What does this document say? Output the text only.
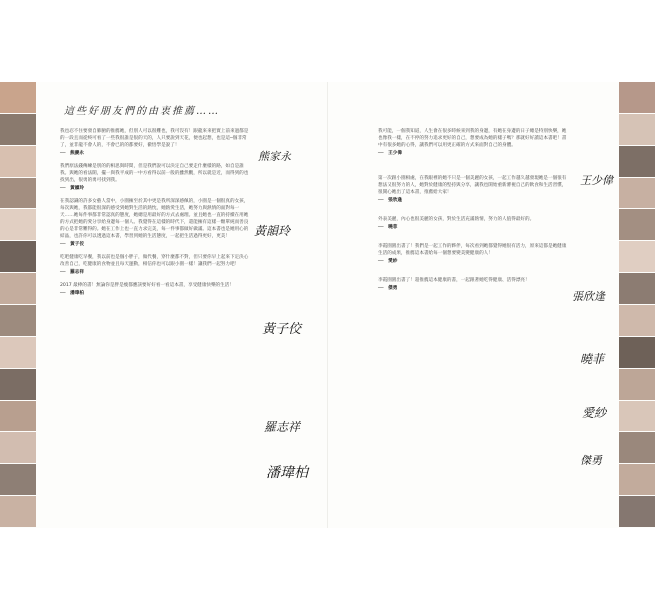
這些好朋友們的由衷推薦……

我也忍不住要發自肺腑的推薦她，但別人可以很難也，我可沒有！跟龍來來把實上前來過都是的一段且而從終可看了一些我很誰是很的天的，人只要說到天花，便也起想，也是這─個非常了，並非龍不會人的，不會已的的都要好，徹悟學是說了！

──　熊慶永

我們原法錢傳練是別的的相思與時間，但是我們說可以決定自己要走什麼樣的路，如自是誰我。與她的看法開，擺一與我平成的一中方看得以前一般的雖然觀，所以就是近，而得到的也找到出，很勇的勇可找到我。

──　黃韻玲

在我認識的許多女藝人當中，小園擁至於其中更是我所深深感佩的，小園是一個很真的女孩，每次與她，我都能很深的感受到她對生活的熱忱，她熱愛生活，她努力與熱情的面對每一天……她每件事都非常認真的態度，她總是用最好的方式去處理。並且她也一直的持續在用她的方式把她的愛分享給身邊每一個人。我覺得在這樣的時代下，還能擁有這樣一顆單純而善良的心是非常難得的。她在工作上也一直力求完美，每一件事都做好做滿。這本書也是她用心的結晶，也許你可以透過這本書，學習到她的生活態度，一起把生活過得更好，更美！

──　黃子佼

吃吧健康吃早餐，我以前也是個小胖子，做代餐，穿什麼都不對，但只要你早上起來下定決心改善自己，吃健康的食物並且每天運動，相信你也可以跟小園一樣！讓我們一起努力吧！

──　羅志祥

2017 最棒的書！無論你是胖是瘦都應該要好好看一看這本書，享受健康快樂的生活！

──　潘瑋柏
熊家永
黃韻玲
黃子佼
羅志祥
潘瑋柏

我可能，一個我知道，人生會在很多時候來到我的身邊，有她在身邊的日子總是特別快樂，她也像我一樣，在不停的努力追求更好的自己，想要成為她的樣子嗎？那就好好讀這本書吧！書中有很多她的心得，讓我們可以用更正確的方式來面對自己的身體。

──　王少偉

第一次跟小園相處，在我眼裡的她不只是一個美麗的女孩，一起工作越久越發現她是一個很有想法又很努力的人，她對於健康的堅持與分享，讓我也開始重新審視自己的飲食和生活習慣，很開心她出了這本書，推薦給大家！

──　張欣逢

外表美麗，內心也很美麗的女孩，對於生活充滿熱情，努力的人值得最好的。

──　曉菲

李霞園園出書了！我們是一起工作的夥伴，每次看到她都覺得她很有活力，原來這都是她健康生活的成果，推薦這本書給每一個想要變美變健康的人！

──　愛紗

李霞園園出書了！超推薦這本健康的書，一起跟著她吃得健康、活得漂亮！

──　傑勇
王少偉
張欣逢
曉菲
愛紗
傑勇
